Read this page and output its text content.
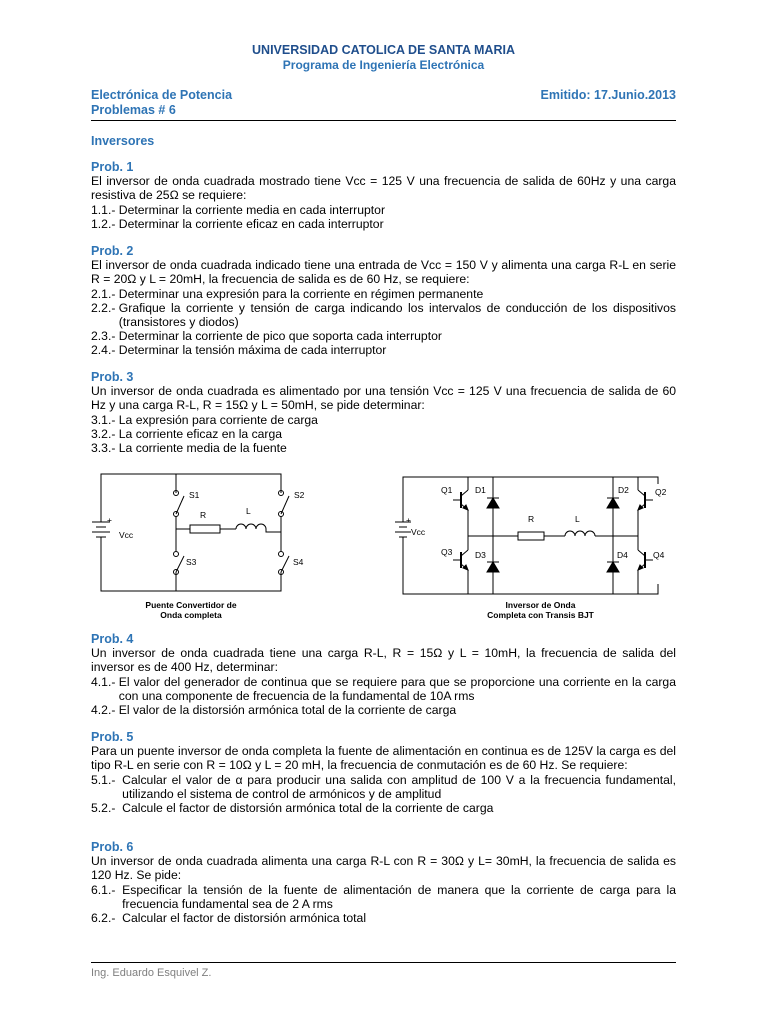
UNIVERSIDAD CATOLICA DE SANTA MARIA
Programa de Ingeniería Electrónica
Electrónica de Potencia	Emitido: 17.Junio.2013
Problemas # 6
Inversores
Prob. 1
El inversor de onda cuadrada mostrado tiene Vcc = 125 V una frecuencia de salida de 60Hz y una carga resistiva de 25Ω se requiere:
1.1.- Determinar la corriente media en cada interruptor
1.2.- Determinar la corriente eficaz en cada interruptor
Prob. 2
El inversor de onda cuadrada indicado tiene una entrada de Vcc = 150 V y alimenta una carga R-L en serie R = 20Ω y L = 20mH, la frecuencia de salida es de 60 Hz, se requiere:
2.1.- Determinar una expresión para la corriente en régimen permanente
2.2.- Grafique la corriente y tensión de carga indicando los intervalos de conducción de los dispositivos (transistores y diodos)
2.3.- Determinar la corriente de pico que soporta cada interruptor
2.4.- Determinar la tensión máxima de cada interruptor
Prob. 3
Un inversor de onda cuadrada es alimentado por una tensión Vcc = 125 V una frecuencia de salida de 60 Hz y una carga R-L, R = 15Ω y L = 50mH, se pide determinar:
3.1.- La expresión para corriente de carga
3.2.- La corriente eficaz en la carga
3.3.- La corriente media de la fuente
Prob. 4
Un inversor de onda cuadrada tiene una carga R-L, R = 15Ω y L = 10mH, la frecuencia de salida del inversor es de 400 Hz, determinar:
4.1.- El valor del generador de continua que se requiere para que se proporcione una corriente en la carga con una componente de frecuencia de la fundamental de 10A rms
4.2.- El valor de la distorsión armónica total de la corriente de carga
Prob. 5
Para un puente inversor de onda completa la fuente de alimentación en continua es de 125V la carga es del tipo R-L en serie con R = 10Ω y L = 20 mH, la frecuencia de conmutación es de 60 Hz. Se requiere:
5.1.- Calcular el valor de α para producir una salida con amplitud de 100 V a la frecuencia fundamental, utilizando el sistema de control de armónicos y de amplitud
5.2.- Calcule el factor de distorsión armónica total de la corriente de carga
Prob. 6
Un inversor de onda cuadrada alimenta una carga R-L con R = 30Ω y L= 30mH, la frecuencia de salida es 120 Hz. Se pide:
6.1.- Especificar la tensión de la fuente de alimentación de manera que la corriente de carga para la frecuencia fundamental sea de 2 A rms
6.2.- Calcular el factor de distorsión armónica total
Ing. Eduardo Esquivel Z.
+
Vcc
S1
S3
S2
S4
R	L
Puente Convertidor de
Onda completa
+
Vcc
Q1	D1
Q3	D3
Q2
D2
Q4
D4
R	L
Inversor de Onda
Completa con Transis BJT
